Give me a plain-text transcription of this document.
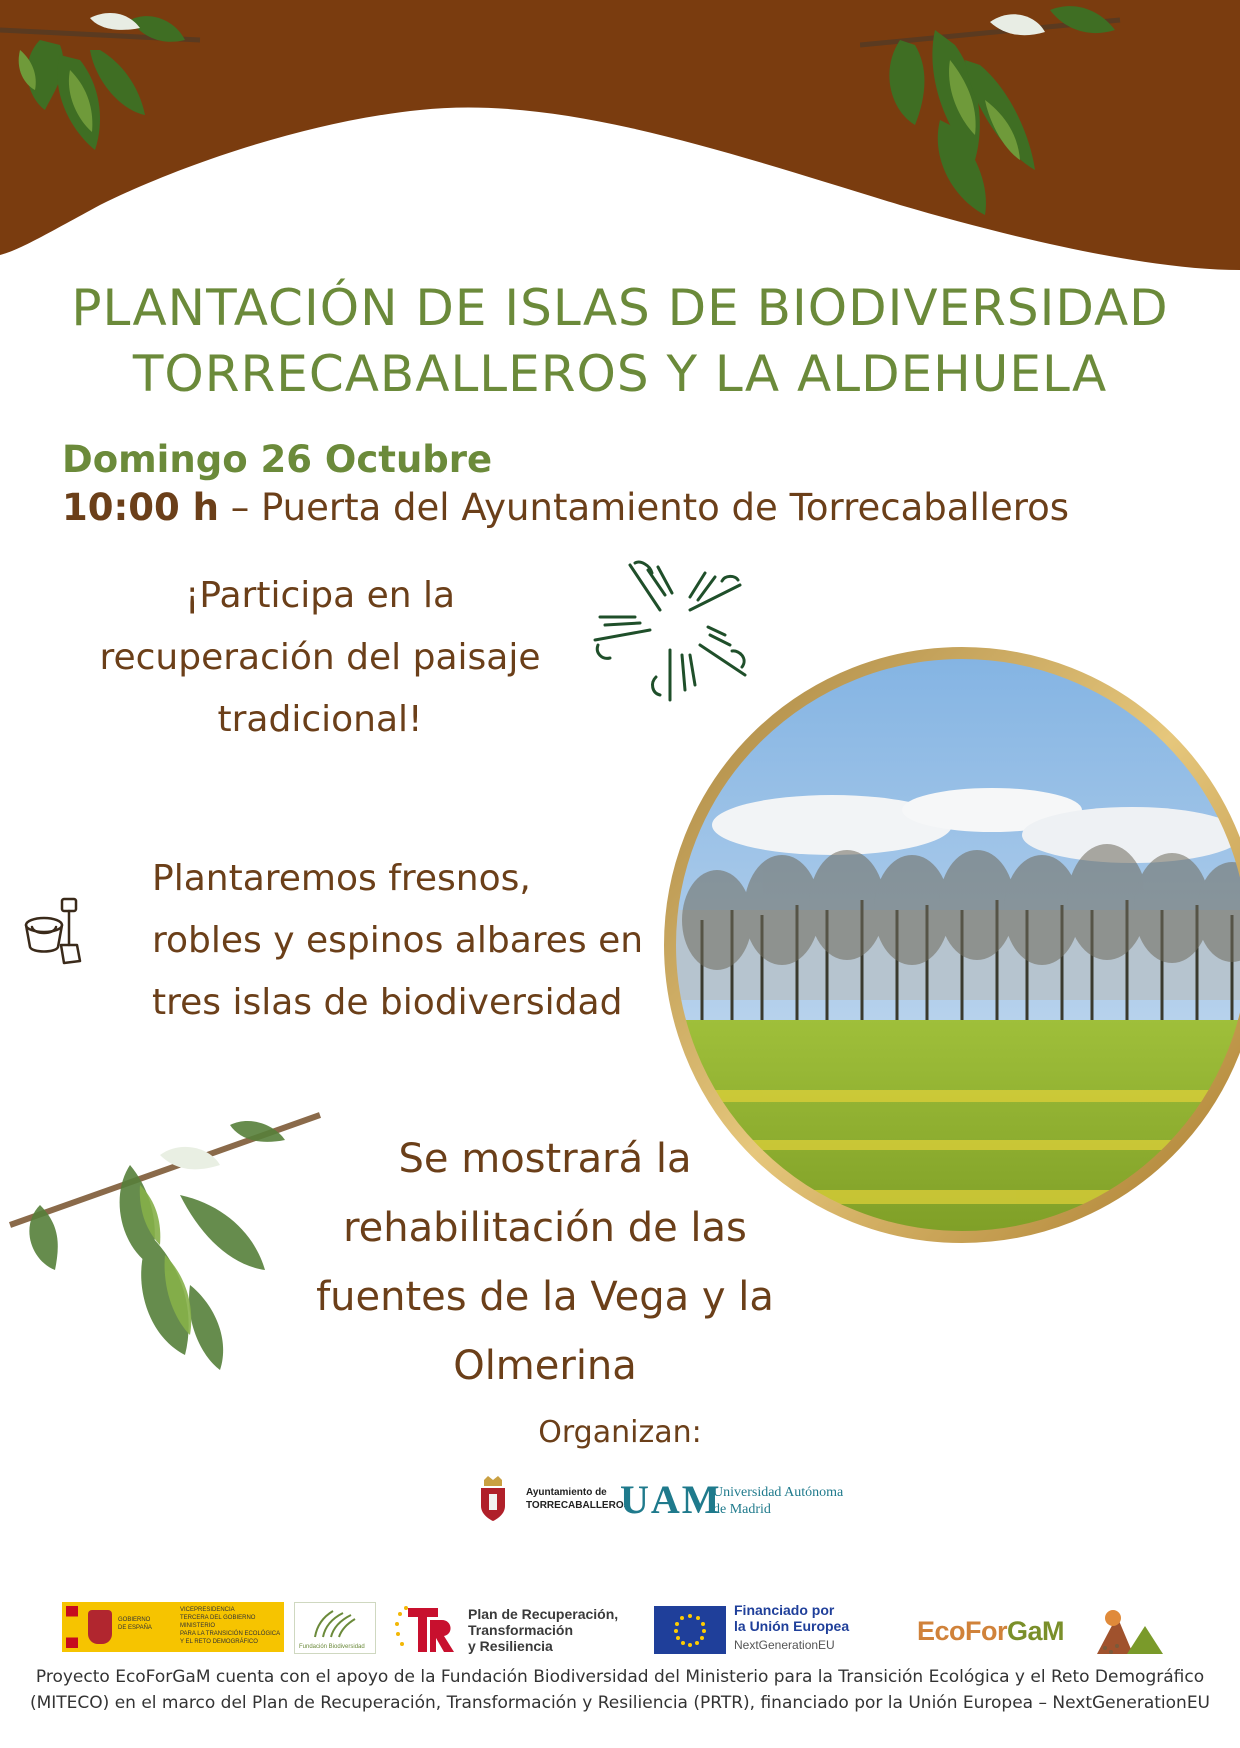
PLANTACIÓN DE ISLAS DE BIODIVERSIDAD
TORRECABALLEROS Y LA ALDEHUELA
Domingo 26 Octubre
10:00 h – Puerta del Ayuntamiento de Torrecaballeros
¡Participa en la
recuperación del paisaje
tradicional!
Plantaremos fresnos,
robles y espinos albares en
tres islas de biodiversidad
Se mostrará la
rehabilitación de las
fuentes de la Vega y la
Olmerina
Organizan:
Ayuntamiento de
TORRECABALLEROS
UAM
Universidad Autónoma
de Madrid
GOBIERNO
DE ESPAÑA
VICEPRESIDENCIA
TERCERA DEL GOBIERNO
MINISTERIO
PARA LA TRANSICIÓN ECOLÓGICA
Y EL RETO DEMOGRÁFICO
Fundación Biodiversidad
Plan de Recuperación,
Transformación
y Resiliencia
Financiado por
la Unión Europea
NextGenerationEU	EcoForGaM
Proyecto EcoForGaM cuenta con el apoyo de la Fundación Biodiversidad del Ministerio para la Transición Ecológica y el Reto Demográfico
(MITECO) en el marco del Plan de Recuperación, Transformación y Resiliencia (PRTR), financiado por la Unión Europea – NextGenerationEU
